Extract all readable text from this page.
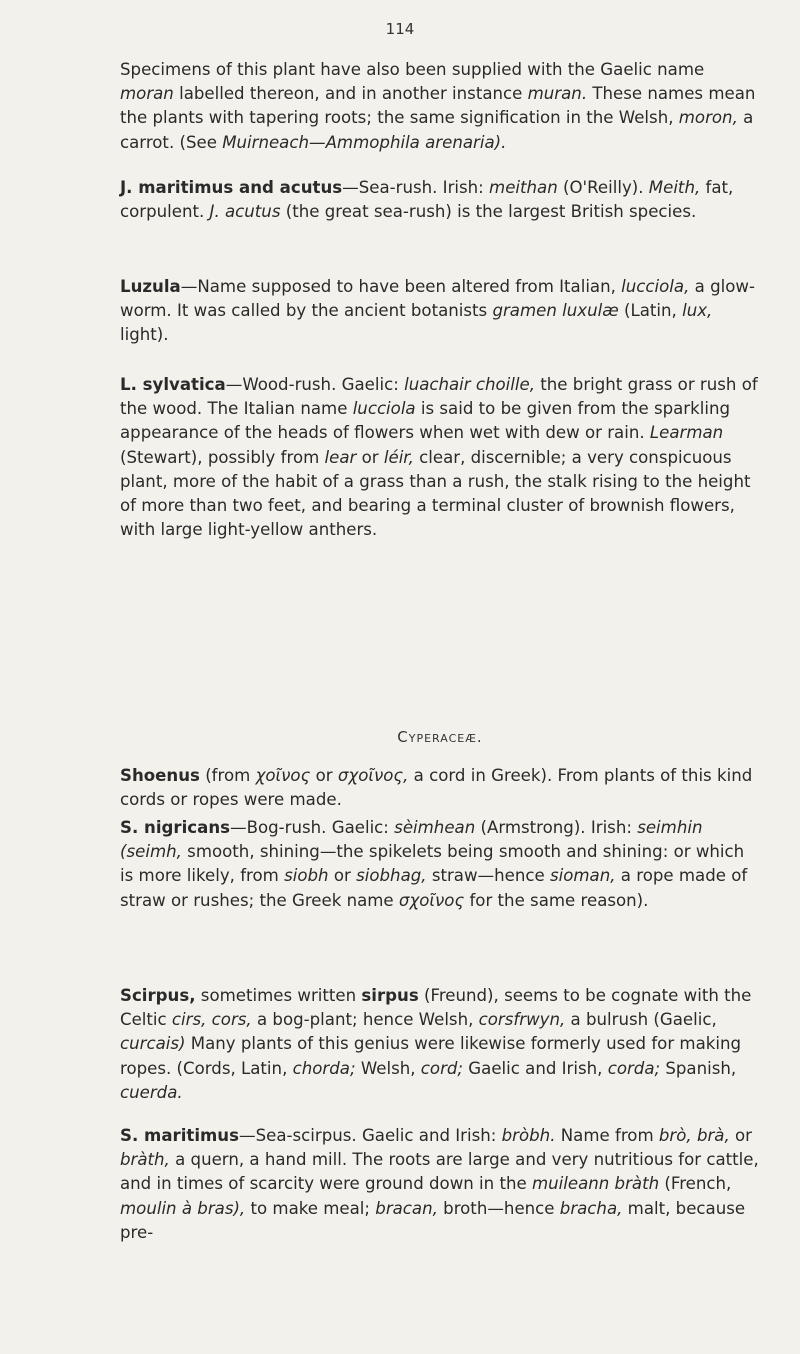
114

Specimens of this plant have also been supplied with the Gaelic name moran labelled thereon, and in another instance muran. These names mean the plants with tapering roots; the same signification in the Welsh, moron, a carrot. (See Muirneach—Ammophila arenaria).

J. maritimus and acutus—Sea-rush. Irish: meithan (O'Reilly). Meith, fat, corpulent. J. acutus (the great sea-rush) is the largest British species.

Luzula—Name supposed to have been altered from Italian, lucciola, a glow-worm. It was called by the ancient botanists gramen luxulæ (Latin, lux, light).

L. sylvatica—Wood-rush. Gaelic: luachair choille, the bright grass or rush of the wood. The Italian name lucciola is said to be given from the sparkling appearance of the heads of flowers when wet with dew or rain. Learman (Stewart), possibly from lear or léir, clear, discernible; a very conspicuous plant, more of the habit of a grass than a rush, the stalk rising to the height of more than two feet, and bearing a terminal cluster of brownish flowers, with large light-yellow anthers.

Cyperaceæ.

Shoenus (from χοῖνος or σχοῖνος, a cord in Greek). From plants of this kind cords or ropes were made.

S. nigricans—Bog-rush. Gaelic: sèimhean (Armstrong). Irish: seimhin (seimh, smooth, shining—the spikelets being smooth and shining: or which is more likely, from siobh or siobhag, straw—hence sioman, a rope made of straw or rushes; the Greek name σχοῖνος for the same reason).

Scirpus, sometimes written sirpus (Freund), seems to be cognate with the Celtic cirs, cors, a bog-plant; hence Welsh, corsfrwyn, a bulrush (Gaelic, curcais) Many plants of this genius were likewise formerly used for making ropes. (Cords, Latin, chorda; Welsh, cord; Gaelic and Irish, corda; Spanish, cuerda.

S. maritimus—Sea-scirpus. Gaelic and Irish: bròbh. Name from brò, brà, or bràth, a quern, a hand mill. The roots are large and very nutritious for cattle, and in times of scarcity were ground down in the muileann bràth (French, moulin à bras), to make meal; bracan, broth—hence bracha, malt, because pre-
